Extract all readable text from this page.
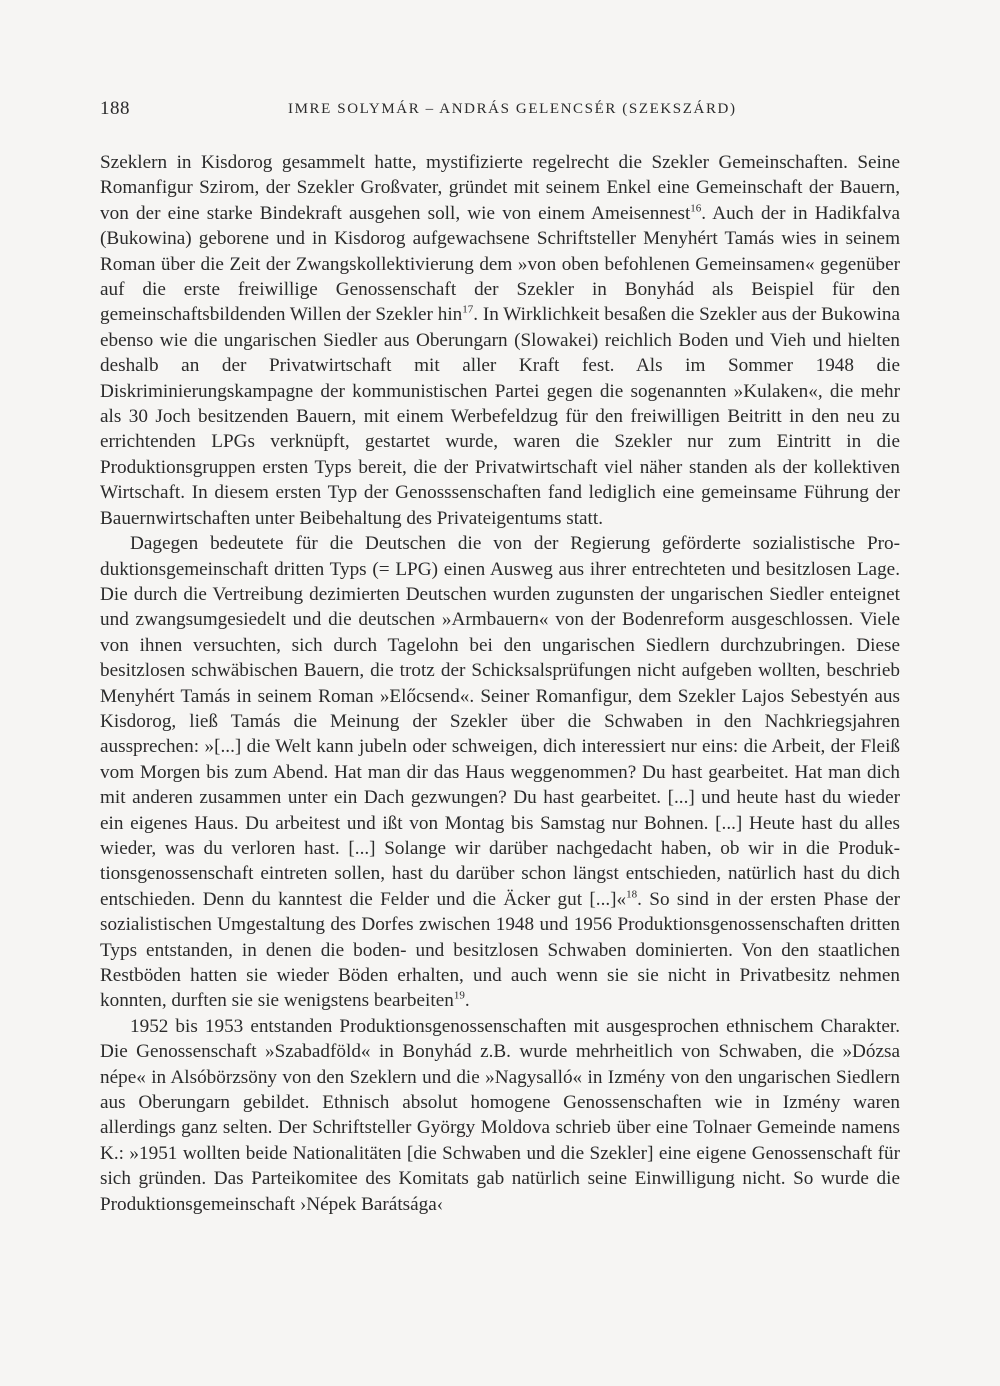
188	IMRE SOLYMÁR – ANDRÁS GELENCSÉR (SZEKSZÁRD)

Szeklern in Kisdorog gesammelt hatte, mystifizierte regelrecht die Szekler Gemeinschaften. Seine Romanfigur Szirom, der Szekler Großvater, gründet mit seinem Enkel eine Gemeinschaft der Bauern, von der eine starke Bindekraft ausgehen soll, wie von einem Ameisennest$^{16}$. Auch der in Hadikfalva (Bukowina) geborene und in Kisdorog aufgewachsene Schriftsteller Menyhért Tamás wies in seinem Roman über die Zeit der Zwangskollektivierung dem »von oben befohlenen Gemeinsamen« gegenüber auf die erste freiwillige Genossenschaft der Szekler in Bonyhád als Beispiel für den gemeinschaftsbildenden Willen der Szekler hin$^{17}$. In Wirklichkeit besaßen die Szekler aus der Bukowina ebenso wie die ungarischen Siedler aus Oberungarn (Slowakei) reichlich Boden und Vieh und hielten deshalb an der Privatwirtschaft mit aller Kraft fest. Als im Sommer 1948 die Diskriminierungskampagne der kommunistischen Partei gegen die sogenannten »Kulaken«, die mehr als 30 Joch besitzenden Bauern, mit einem Werbefeldzug für den freiwilligen Beitritt in den neu zu errichtenden LPGs verknüpft, gestartet wurde, waren die Szekler nur zum Eintritt in die Produktionsgruppen ersten Typs bereit, die der Privatwirtschaft viel näher standen als der kollektiven Wirtschaft. In diesem ersten Typ der Genosssenschaften fand lediglich eine gemeinsame Führung der Bauernwirtschaften unter Beibehaltung des Privateigentums statt.

Dagegen bedeutete für die Deutschen die von der Regierung geförderte sozialistische Produktionsgemeinschaft dritten Typs (= LPG) einen Ausweg aus ihrer entrechteten und besitzlosen Lage. Die durch die Vertreibung dezimierten Deutschen wurden zugunsten der ungarischen Siedler enteignet und zwangsumgesiedelt und die deutschen »Armbauern« von der Bodenreform ausgeschlossen. Viele von ihnen versuchten, sich durch Tagelohn bei den ungarischen Siedlern durchzubringen. Diese besitzlosen schwäbischen Bauern, die trotz der Schicksalsprüfungen nicht aufgeben wollten, beschrieb Menyhért Tamás in seinem Roman »Előcsend«. Seiner Romanfigur, dem Szekler Lajos Sebestyén aus Kisdorog, ließ Tamás die Meinung der Szekler über die Schwaben in den Nachkriegsjahren aussprechen: »[...] die Welt kann jubeln oder schweigen, dich interessiert nur eins: die Arbeit, der Fleiß vom Morgen bis zum Abend. Hat man dir das Haus weggenommen? Du hast gearbeitet. Hat man dich mit anderen zusammen unter ein Dach gezwungen? Du hast gearbeitet. [...] und heute hast du wieder ein eigenes Haus. Du arbeitest und ißt von Montag bis Samstag nur Bohnen. [...] Heute hast du alles wieder, was du verloren hast. [...] Solange wir darüber nachgedacht haben, ob wir in die Produktionsgenossenschaft eintreten sollen, hast du darüber schon längst entschieden, natürlich hast du dich entschieden. Denn du kanntest die Felder und die Äcker gut [...]«$^{18}$. So sind in der ersten Phase der sozialistischen Umgestaltung des Dorfes zwischen 1948 und 1956 Produktionsgenossenschaften dritten Typs entstanden, in denen die boden- und besitzlosen Schwaben dominierten. Von den staatlichen Restböden hatten sie wieder Böden erhalten, und auch wenn sie sie nicht in Privatbesitz nehmen konnten, durften sie sie wenigstens bearbeiten$^{19}$.

1952 bis 1953 entstanden Produktionsgenossenschaften mit ausgesprochen ethnischem Charakter. Die Genossenschaft »Szabadföld« in Bonyhád z.B. wurde mehrheitlich von Schwaben, die »Dózsa népe« in Alsóbörzsöny von den Szeklern und die »Nagysalló« in Izmény von den ungarischen Siedlern aus Oberungarn gebildet. Ethnisch absolut homogene Genossenschaften wie in Izmény waren allerdings ganz selten. Der Schriftsteller György Moldova schrieb über eine Tolnaer Gemeinde namens K.: »1951 wollten beide Nationalitäten [die Schwaben und die Szekler] eine eigene Genossenschaft für sich gründen. Das Parteikomitee des Komitats gab natürlich seine Einwilligung nicht. So wurde die Produktionsgemeinschaft ›Népek Barátsága‹
